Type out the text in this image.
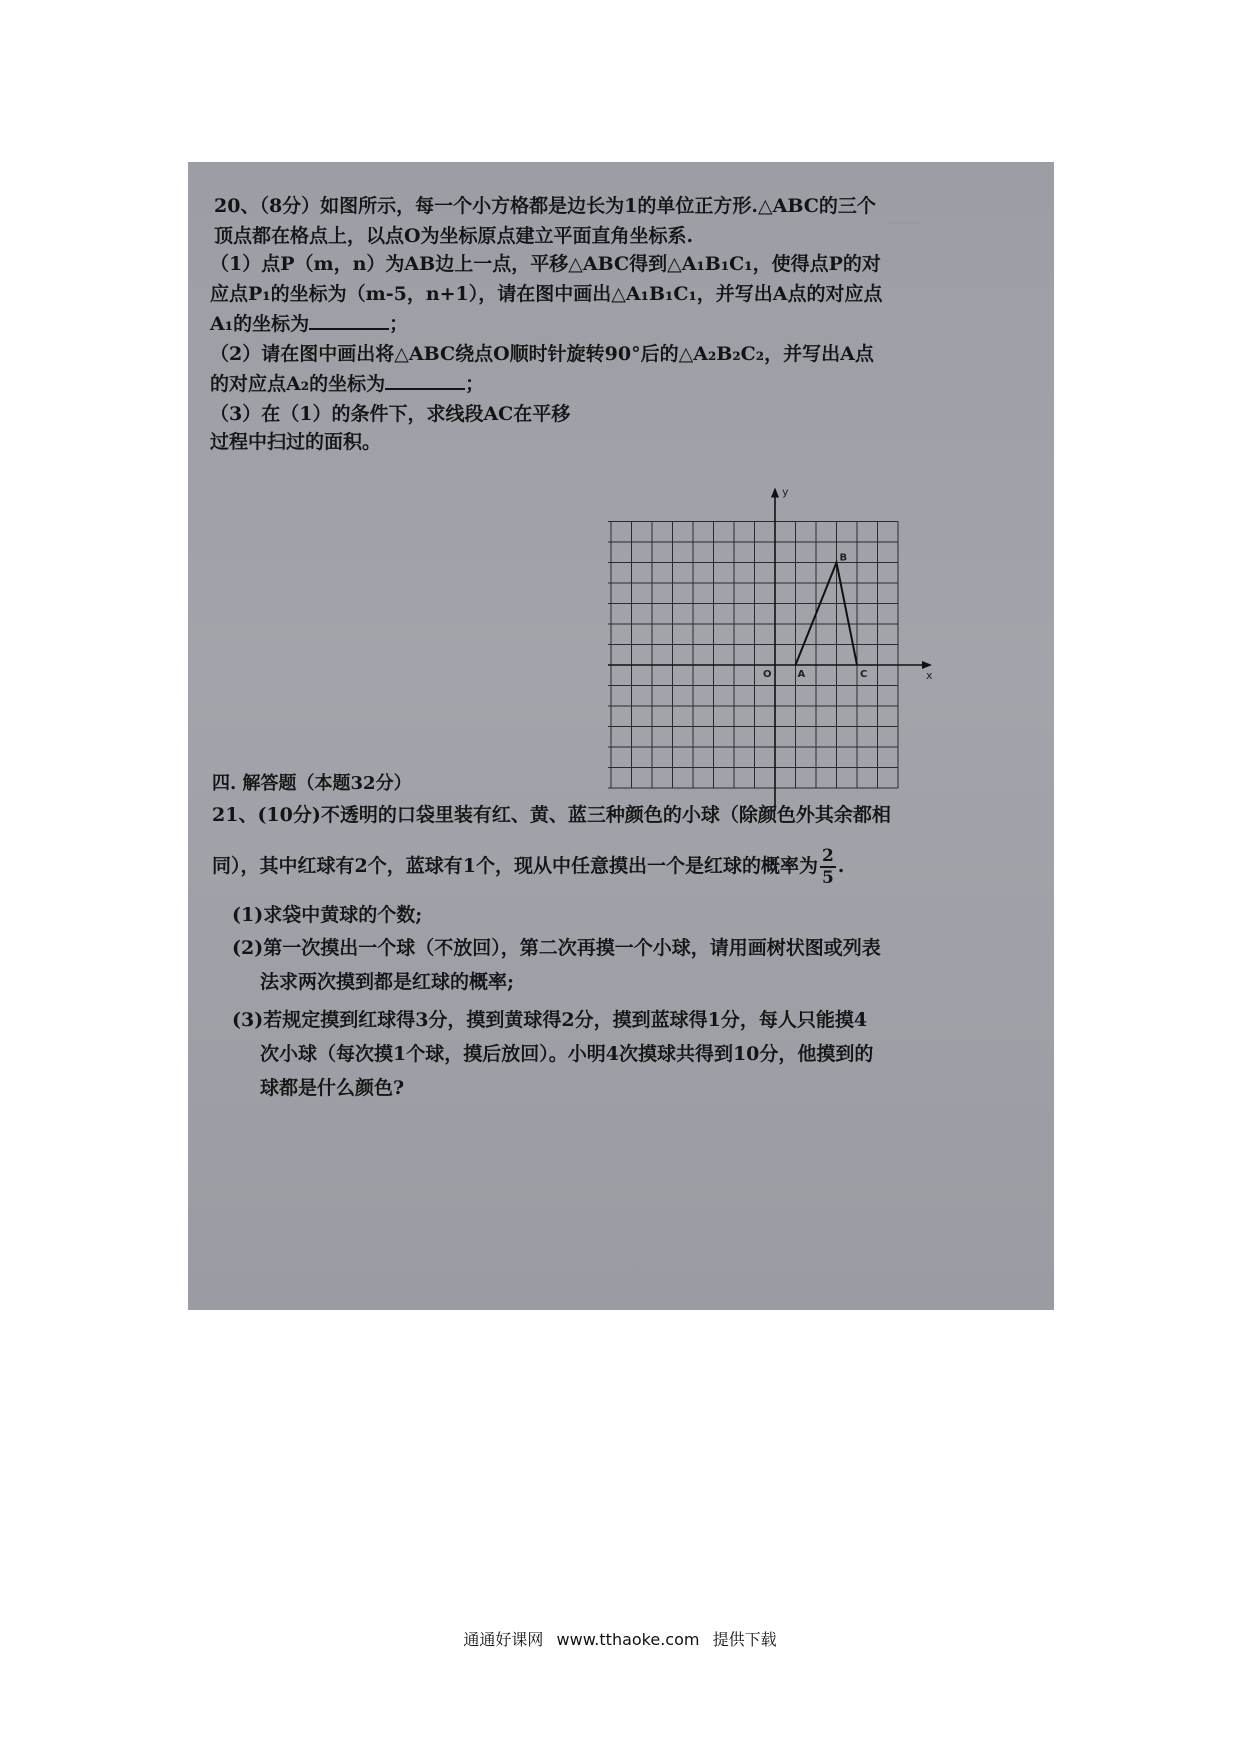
——
20、（8分）如图所示，每一个小方格都是边长为1的单位正方形.△ABC的三个
顶点都在格点上，以点O为坐标原点建立平面直角坐标系.
（1）点P（m，n）为AB边上一点，平移△ABC得到△A₁B₁C₁，使得点P的对
应点P₁的坐标为（m-5，n+1），请在图中画出△A₁B₁C₁，并写出A点的对应点
A₁的坐标为	；
（2）请在图中画出将△ABC绕点O顺时针旋转90°后的△A₂B₂C₂，并写出A点
的对应点A₂的坐标为	；
（3）在（1）的条件下，求线段AC在平移
过程中扫过的面积。
x
y
O	A
B
C
四. 解答题（本题32分）
21、(10分)不透明的口袋里装有红、黄、蓝三种颜色的小球（除颜色外其余都相
同），其中红球有2个，蓝球有1个，现从中任意摸出一个是红球的概率为 $\frac{2}{5}$ .
(1)求袋中黄球的个数;
(2)第一次摸出一个球（不放回），第二次再摸一个小球，请用画树状图或列表
法求两次摸到都是红球的概率;
(3)若规定摸到红球得3分，摸到黄球得2分，摸到蓝球得1分，每人只能摸4
次小球（每次摸1个球，摸后放回）。小明4次摸球共得到10分，他摸到的
球都是什么颜色?
通通好课网 www.tthaoke.com 提供下载
